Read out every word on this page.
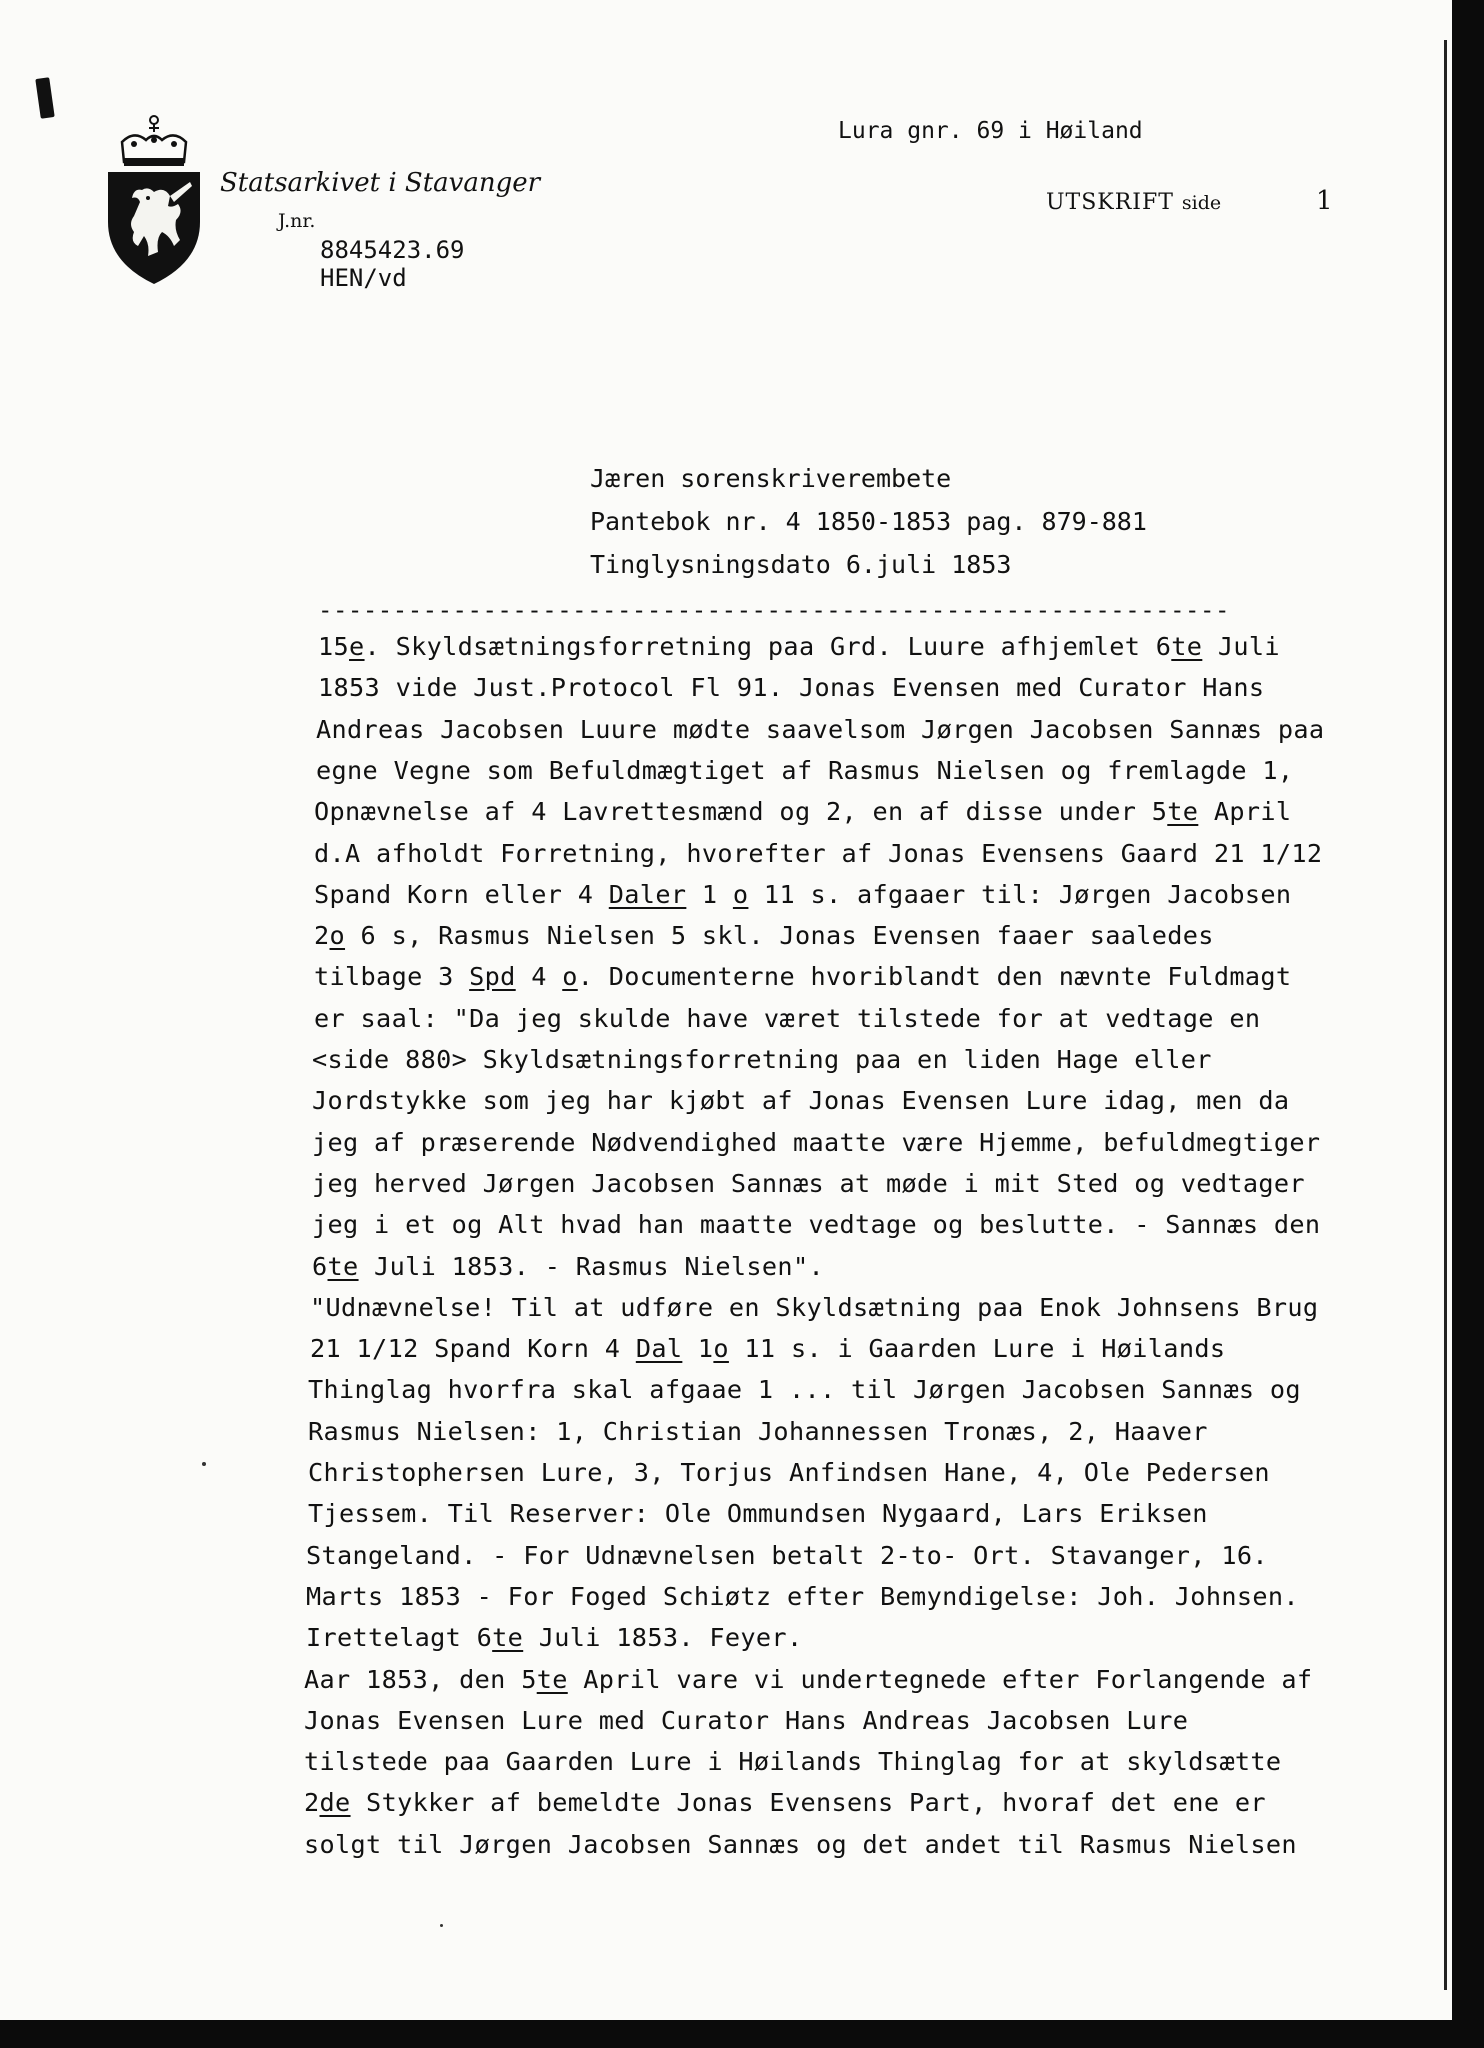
Statsarkivet i Stavanger
J.nr.
8845423.69
HEN/vd
Lura gnr. 69 i Høiland
UTSKRIFT side	1
Jæren sorenskriverembete
Pantebok nr. 4 1850-1853 pag. 879-881
Tinglysningsdato 6.juli 1853
-------------------------------------------------------------
15e. Skyldsætningsforretning paa Grd. Luure afhjemlet 6te Juli
1853 vide Just.Protocol Fl 91. Jonas Evensen med Curator Hans
Andreas Jacobsen Luure mødte saavelsom Jørgen Jacobsen Sannæs paa
egne Vegne som Befuldmægtiget af Rasmus Nielsen og fremlagde 1,
Opnævnelse af 4 Lavrettesmænd og 2, en af disse under 5te April
d.A afholdt Forretning, hvorefter af Jonas Evensens Gaard 21 1/12
Spand Korn eller 4 Daler 1 o 11 s. afgaaer til: Jørgen Jacobsen
2o 6 s, Rasmus Nielsen 5 skl. Jonas Evensen faaer saaledes
tilbage 3 Spd 4 o. Documenterne hvoriblandt den nævnte Fuldmagt
er saal: "Da jeg skulde have været tilstede for at vedtage en
<side 880> Skyldsætningsforretning paa en liden Hage eller
Jordstykke som jeg har kjøbt af Jonas Evensen Lure idag, men da
jeg af præserende Nødvendighed maatte være Hjemme, befuldmegtiger
jeg herved Jørgen Jacobsen Sannæs at møde i mit Sted og vedtager
jeg i et og Alt hvad han maatte vedtage og beslutte. - Sannæs den
6te Juli 1853. - Rasmus Nielsen".
"Udnævnelse! Til at udføre en Skyldsætning paa Enok Johnsens Brug
21 1/12 Spand Korn 4 Dal 1o 11 s. i Gaarden Lure i Høilands
Thinglag hvorfra skal afgaae 1 ... til Jørgen Jacobsen Sannæs og
Rasmus Nielsen: 1, Christian Johannessen Tronæs, 2, Haaver
Christophersen Lure, 3, Torjus Anfindsen Hane, 4, Ole Pedersen
Tjessem. Til Reserver: Ole Ommundsen Nygaard, Lars Eriksen
Stangeland. - For Udnævnelsen betalt 2-to- Ort. Stavanger, 16.
Marts 1853 - For Foged Schiøtz efter Bemyndigelse: Joh. Johnsen.
Irettelagt 6te Juli 1853. Feyer.
Aar 1853, den 5te April vare vi undertegnede efter Forlangende af
Jonas Evensen Lure med Curator Hans Andreas Jacobsen Lure
tilstede paa Gaarden Lure i Høilands Thinglag for at skyldsætte
2de Stykker af bemeldte Jonas Evensens Part, hvoraf det ene er
solgt til Jørgen Jacobsen Sannæs og det andet til Rasmus Nielsen
